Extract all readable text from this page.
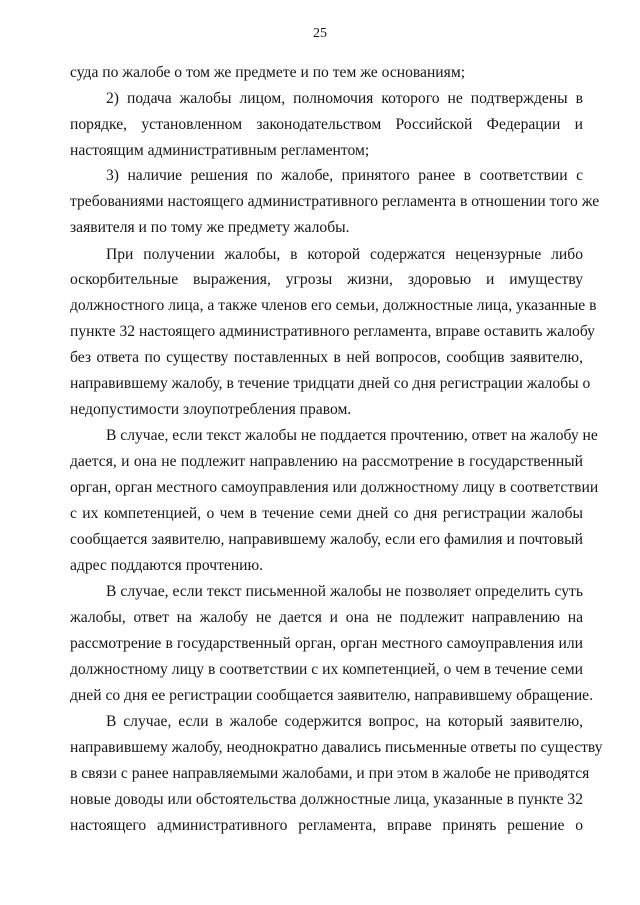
25
суда по жалобе о том же предмете и по тем же основаниям;
2) подача жалобы лицом, полномочия которого не подтверждены в
порядке, установленном законодательством Российской Федерации и
настоящим административным регламентом;
3) наличие решения по жалобе, принятого ранее в соответствии с
требованиями настоящего административного регламента в отношении того же
заявителя и по тому же предмету жалобы.
При получении жалобы, в которой содержатся нецензурные либо
оскорбительные выражения, угрозы жизни, здоровью и имуществу
должностного лица, а также членов его семьи, должностные лица, указанные в
пункте 32 настоящего административного регламента, вправе оставить жалобу
без ответа по существу поставленных в ней вопросов, сообщив заявителю,
направившему жалобу, в течение тридцати дней со дня регистрации жалобы о
недопустимости злоупотребления правом.
В случае, если текст жалобы не поддается прочтению, ответ на жалобу не
дается, и она не подлежит направлению на рассмотрение в государственный
орган, орган местного самоуправления или должностному лицу в соответствии
с их компетенцией, о чем в течение семи дней со дня регистрации жалобы
сообщается заявителю, направившему жалобу, если его фамилия и почтовый
адрес поддаются прочтению.
В случае, если текст письменной жалобы не позволяет определить суть
жалобы, ответ на жалобу не дается и она не подлежит направлению на
рассмотрение в государственный орган, орган местного самоуправления или
должностному лицу в соответствии с их компетенцией, о чем в течение семи
дней со дня ее регистрации сообщается заявителю, направившему обращение.
В случае, если в жалобе содержится вопрос, на который заявителю,
направившему жалобу, неоднократно давались письменные ответы по существу
в связи с ранее направляемыми жалобами, и при этом в жалобе не приводятся
новые доводы или обстоятельства должностные лица, указанные в пункте 32
настоящего административного регламента, вправе принять решение о
